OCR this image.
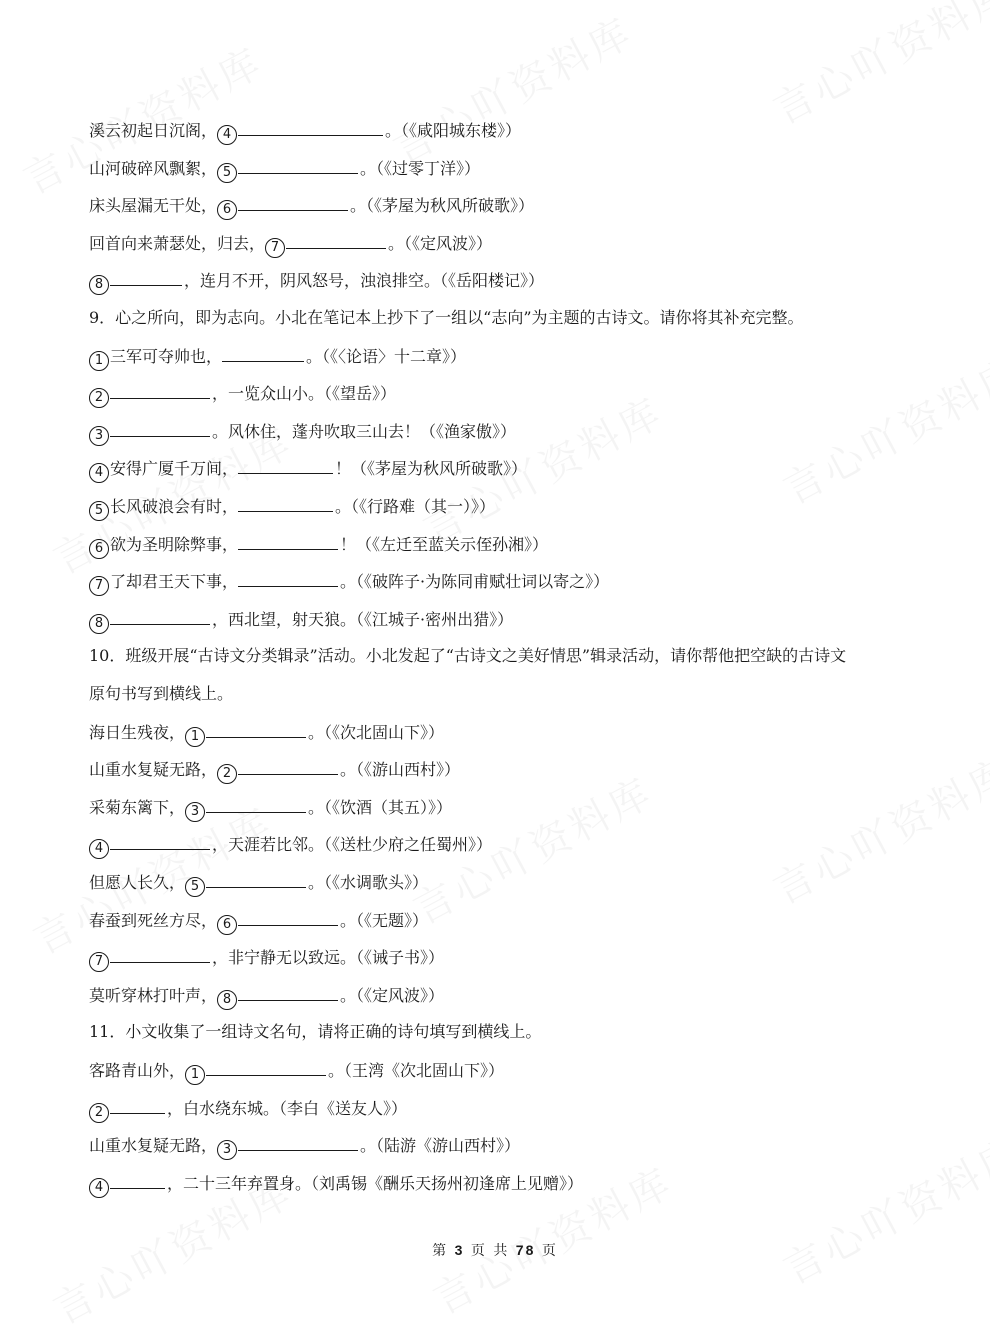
溪云初起日沉阁， 4	。（《咸阳城东楼》）
山河破碎风飘絮， 5	。（《过零丁洋》）
床头屋漏无干处， 6	。（《茅屋为秋风所破歌》）
回首向来萧瑟处，归去， 7	。（《定风波》）
8	，连月不开，阴风怒号，浊浪排空。（《岳阳楼记》）
9．心之所向，即为志向。小北在笔记本上抄下了一组以“志向”为主题的古诗文。请你将其补充完整。
1 三军可夺帅也，	。（《〈论语〉十二章》）
2	，一览众山小。（《望岳》）
3	。风休住，蓬舟吹取三山去！（《渔家傲》）
4 安得广厦千万间，	！（《茅屋为秋风所破歌》）
5 长风破浪会有时，	。（《行路难（其一）》）
6 欲为圣明除弊事，	！（《左迁至蓝关示侄孙湘》）
7 了却君王天下事，	。（《破阵子·为陈同甫赋壮词以寄之》）
8	，西北望，射天狼。（《江城子·密州出猎》）
10．班级开展“古诗文分类辑录”活动。小北发起了“古诗文之美好情思”辑录活动，请你帮他把空缺的古诗文
原句书写到横线上。
海日生残夜， 1	。（《次北固山下》）
山重水复疑无路， 2	。（《游山西村》）
采菊东篱下， 3	。（《饮酒（其五）》）
4	，天涯若比邻。（《送杜少府之任蜀州》）
但愿人长久， 5	。（《水调歌头》）
春蚕到死丝方尽， 6	。（《无题》）
7	，非宁静无以致远。（《诫子书》）
莫听穿林打叶声， 8	。（《定风波》）
11．小文收集了一组诗文名句，请将正确的诗句填写到横线上。
客路青山外， 1	。（王湾《次北固山下》）
2	，白水绕东城。（李白《送友人》）
山重水复疑无路， 3	。（陆游《游山西村》）
4	，二十三年弃置身。（刘禹锡《酬乐天扬州初逢席上见赠》）
第 3 页 共 78 页
